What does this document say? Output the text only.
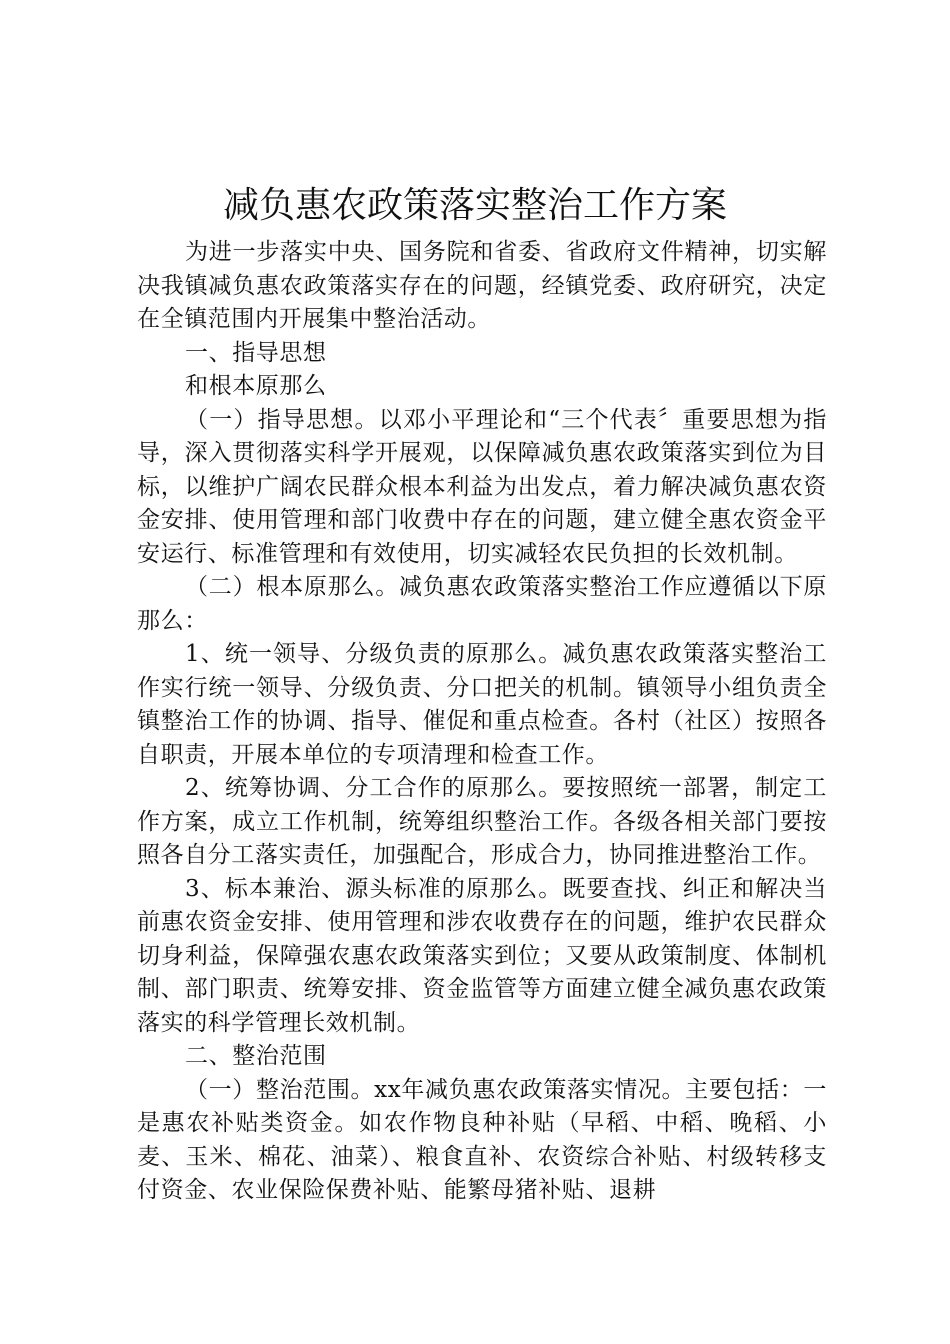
减负惠农政策落实整治工作方案

为进一步落实中央、国务院和省委、省政府文件精神，切实解决我镇减负惠农政策落实存在的问题，经镇党委、政府研究，决定在全镇范围内开展集中整治活动。

一、指导思想

和根本原那么

（一）指导思想。以邓小平理论和“三个代表〞重要思想为指导，深入贯彻落实科学开展观，以保障减负惠农政策落实到位为目标，以维护广阔农民群众根本利益为出发点，着力解决减负惠农资金安排、使用管理和部门收费中存在的问题，建立健全惠农资金平安运行、标准管理和有效使用，切实减轻农民负担的长效机制。

（二）根本原那么。减负惠农政策落实整治工作应遵循以下原那么：

1、统一领导、分级负责的原那么。减负惠农政策落实整治工作实行统一领导、分级负责、分口把关的机制。镇领导小组负责全镇整治工作的协调、指导、催促和重点检查。各村（社区）按照各自职责，开展本单位的专项清理和检查工作。

2、统筹协调、分工合作的原那么。要按照统一部署，制定工作方案，成立工作机制，统筹组织整治工作。各级各相关部门要按照各自分工落实责任，加强配合，形成合力，协同推进整治工作。

3、标本兼治、源头标准的原那么。既要查找、纠正和解决当前惠农资金安排、使用管理和涉农收费存在的问题，维护农民群众切身利益，保障强农惠农政策落实到位；又要从政策制度、体制机制、部门职责、统筹安排、资金监管等方面建立健全减负惠农政策落实的科学管理长效机制。

二、整治范围

（一）整治范围。xx年减负惠农政策落实情况。主要包括：一是惠农补贴类资金。如农作物良种补贴（早稻、中稻、晚稻、小麦、玉米、棉花、油菜）、粮食直补、农资综合补贴、村级转移支付资金、农业保险保费补贴、能繁母猪补贴、退耕
